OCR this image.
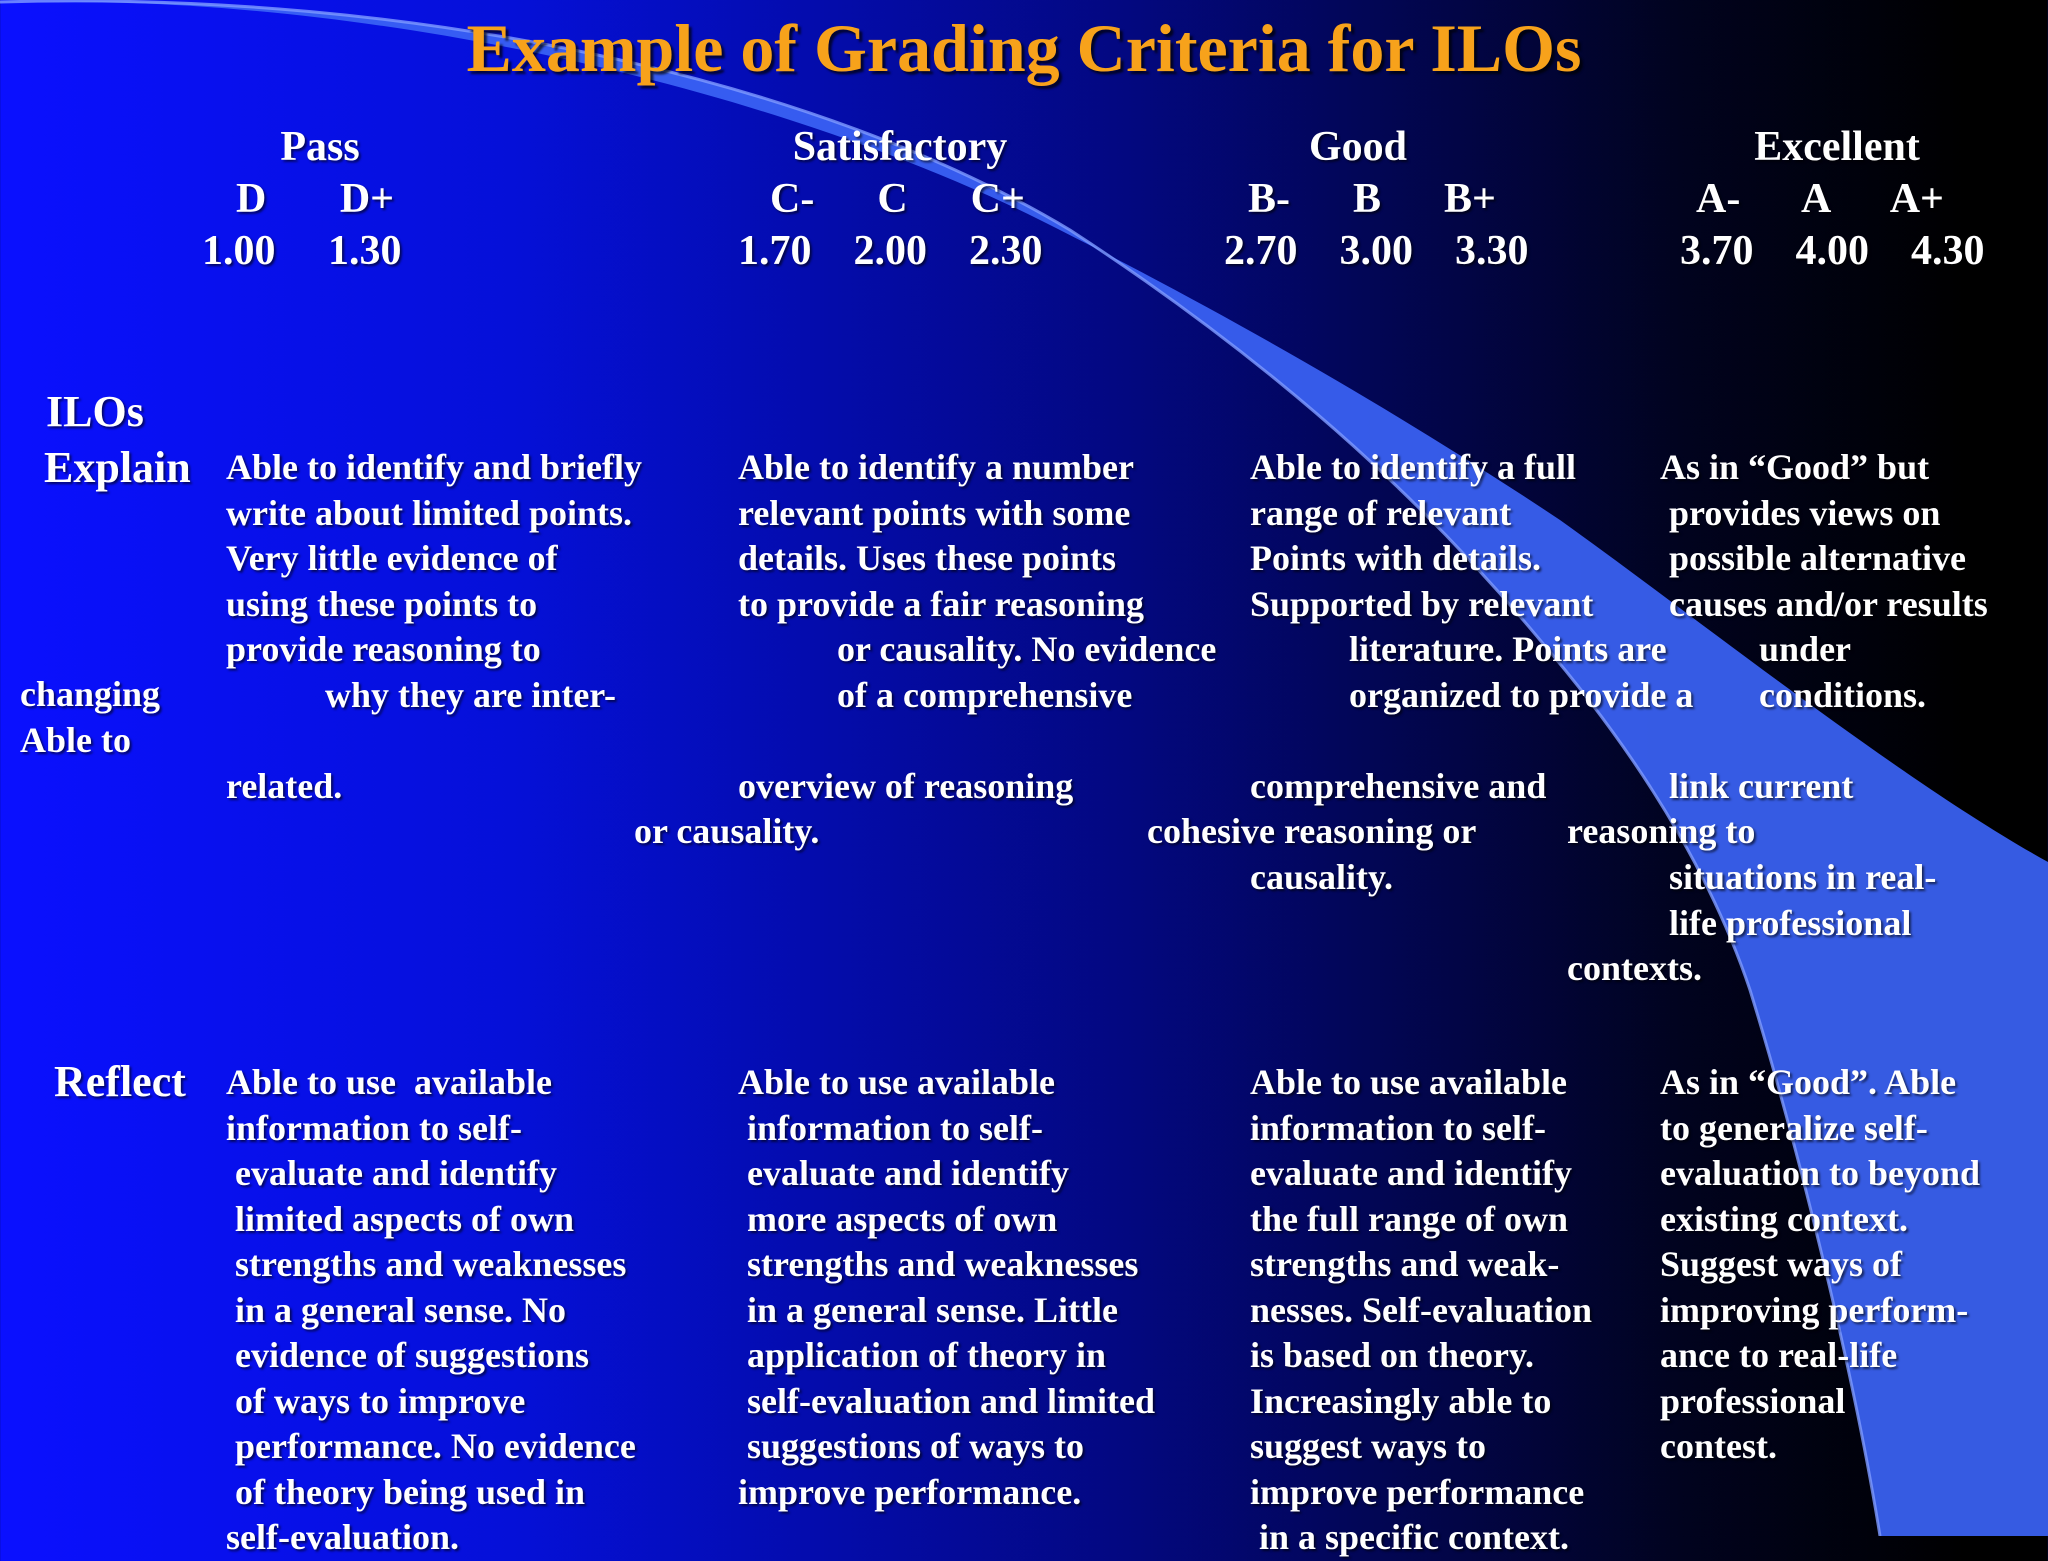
Example of Grading Criteria for ILOs
Pass
D       D+
1.00     1.30
Satisfactory
C-      C      C+
1.70    2.00    2.30
Good
B-      B      B+
2.70    3.00    3.30
Excellent
A-      A      A+
3.70    4.00    4.30
ILOs
Explain
changing
Able to
Able to identify and briefly
write about limited points.
Very little evidence of
using these points to
provide reasoning to
why they are inter-

related.
Able to identify a number
relevant points with some
details. Uses these points
to provide a fair reasoning
or causality. No evidence
of a comprehensive

overview of reasoning
or causality.
Able to identify a full
range of relevant
Points with details.
Supported by relevant
literature. Points are
organized to provide a

comprehensive and
cohesive reasoning or
causality.
As in “Good” but
provides views on
possible alternative
causes and/or results
under
conditions.

link current
reasoning to
situations in real-
life professional
contexts.
Reflect Able to use  available
information to self-
evaluate and identify
limited aspects of own
strengths and weaknesses
in a general sense. No
evidence of suggestions
of ways to improve
performance. No evidence
of theory being used in
self-evaluation.
Able to use available
information to self-
evaluate and identify
more aspects of own
strengths and weaknesses
in a general sense. Little
application of theory in
self-evaluation and limited
suggestions of ways to
improve performance.
Able to use available
information to self-
evaluate and identify
the full range of own
strengths and weak-
nesses. Self-evaluation
is based on theory.
Increasingly able to
suggest ways to
improve performance
in a specific context.
As in “Good”. Able
to generalize self-
evaluation to beyond
existing context.
Suggest ways of
improving perform-
ance to real-life
professional
contest.
